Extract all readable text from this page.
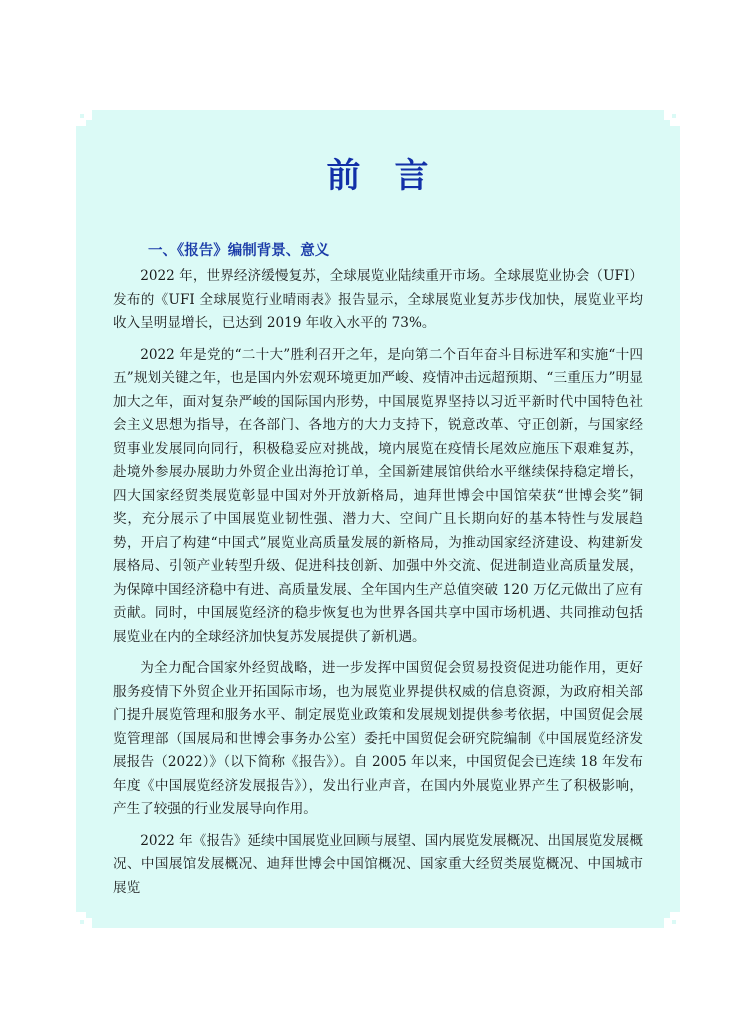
前言
一、《报告》编制背景、意义

2022 年，世界经济缓慢复苏，全球展览业陆续重开市场。全球展览业协会（UFI）发布的《UFI 全球展览行业晴雨表》报告显示，全球展览业复苏步伐加快，展览业平均收入呈明显增长，已达到 2019 年收入水平的 73%。

2022 年是党的“二十大”胜利召开之年，是向第二个百年奋斗目标进军和实施“十四五”规划关键之年，也是国内外宏观环境更加严峻、疫情冲击远超预期、“三重压力”明显加大之年，面对复杂严峻的国际国内形势，中国展览界坚持以习近平新时代中国特色社会主义思想为指导，在各部门、各地方的大力支持下，锐意改革、守正创新，与国家经贸事业发展同向同行，积极稳妥应对挑战，境内展览在疫情长尾效应施压下艰难复苏，赴境外参展办展助力外贸企业出海抢订单，全国新建展馆供给水平继续保持稳定增长，四大国家经贸类展览彰显中国对外开放新格局，迪拜世博会中国馆荣获“世博会奖”铜奖，充分展示了中国展览业韧性强、潜力大、空间广且长期向好的基本特性与发展趋势，开启了构建“中国式”展览业高质量发展的新格局，为推动国家经济建设、构建新发展格局、引领产业转型升级、促进科技创新、加强中外交流、促进制造业高质量发展，为保障中国经济稳中有进、高质量发展、全年国内生产总值突破 120 万亿元做出了应有贡献。同时，中国展览经济的稳步恢复也为世界各国共享中国市场机遇、共同推动包括展览业在内的全球经济加快复苏发展提供了新机遇。

为全力配合国家外经贸战略，进一步发挥中国贸促会贸易投资促进功能作用，更好服务疫情下外贸企业开拓国际市场，也为展览业界提供权威的信息资源，为政府相关部门提升展览管理和服务水平、制定展览业政策和发展规划提供参考依据，中国贸促会展览管理部（国展局和世博会事务办公室）委托中国贸促会研究院编制《中国展览经济发展报告（2022）》（以下简称《报告》）。自 2005 年以来，中国贸促会已连续 18 年发布年度《中国展览经济发展报告》），发出行业声音，在国内外展览业界产生了积极影响，产生了较强的行业发展导向作用。

2022 年《报告》延续中国展览业回顾与展望、国内展览发展概况、出国展览发展概况、中国展馆发展概况、迪拜世博会中国馆概况、国家重大经贸类展览概况、中国城市展览
